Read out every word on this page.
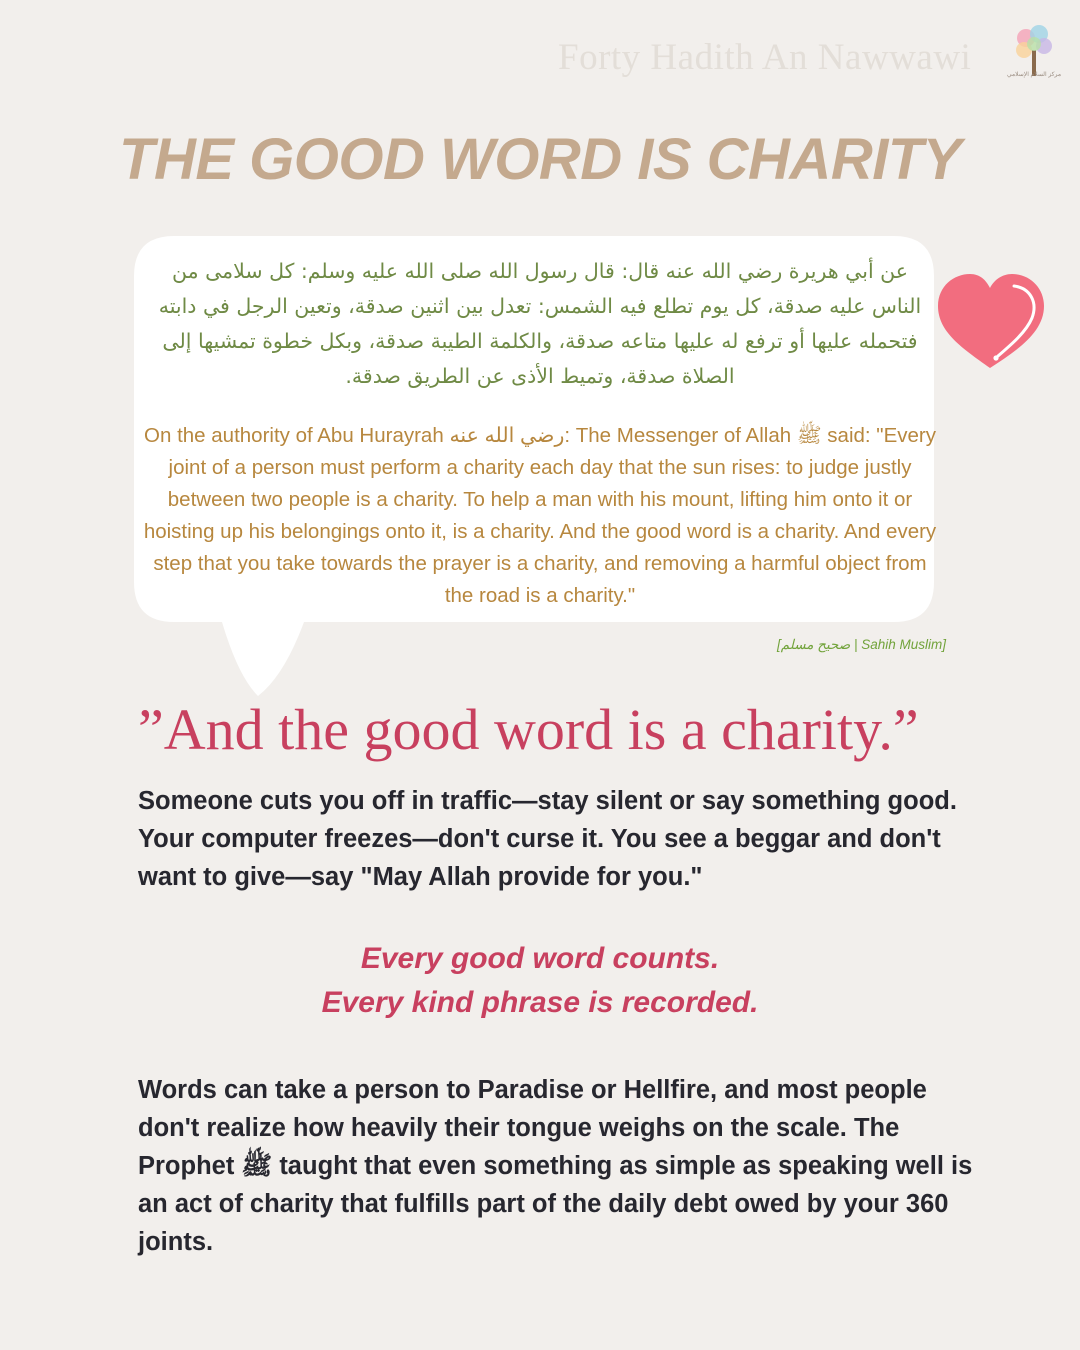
Forty Hadith An Nawwawi	مركز السلام الإسلامي
THE GOOD WORD IS CHARITY
عن أبي هريرة رضي الله عنه قال: قال رسول الله صلى الله عليه وسلم: كل سلامى من الناس عليه صدقة، كل يوم تطلع فيه الشمس: تعدل بين اثنين صدقة، وتعين الرجل في دابته فتحمله عليها أو ترفع له عليها متاعه صدقة، والكلمة الطيبة صدقة، وبكل خطوة تمشيها إلى الصلاة صدقة، وتميط الأذى عن الطريق صدقة.
On the authority of Abu Hurayrah رضي الله عنه: The Messenger of Allah ﷺ said: "Every joint of a person must perform a charity each day that the sun rises: to judge justly between two people is a charity. To help a man with his mount, lifting him onto it or hoisting up his belongings onto it, is a charity. And the good word is a charity. And every step that you take towards the prayer is a charity, and removing a harmful object from the road is a charity."
[صحيح مسلم | Sahih Muslim]
”And the good word is a charity.”
Someone cuts you off in traffic—stay silent or say something good. Your computer freezes—don't curse it. You see a beggar and don't want to give—say "May Allah provide for you."
Every good word counts.
Every kind phrase is recorded.
Words can take a person to Paradise or Hellfire, and most people don't realize how heavily their tongue weighs on the scale. The Prophet ﷺ taught that even something as simple as speaking well is an act of charity that fulfills part of the daily debt owed by your 360 joints.
